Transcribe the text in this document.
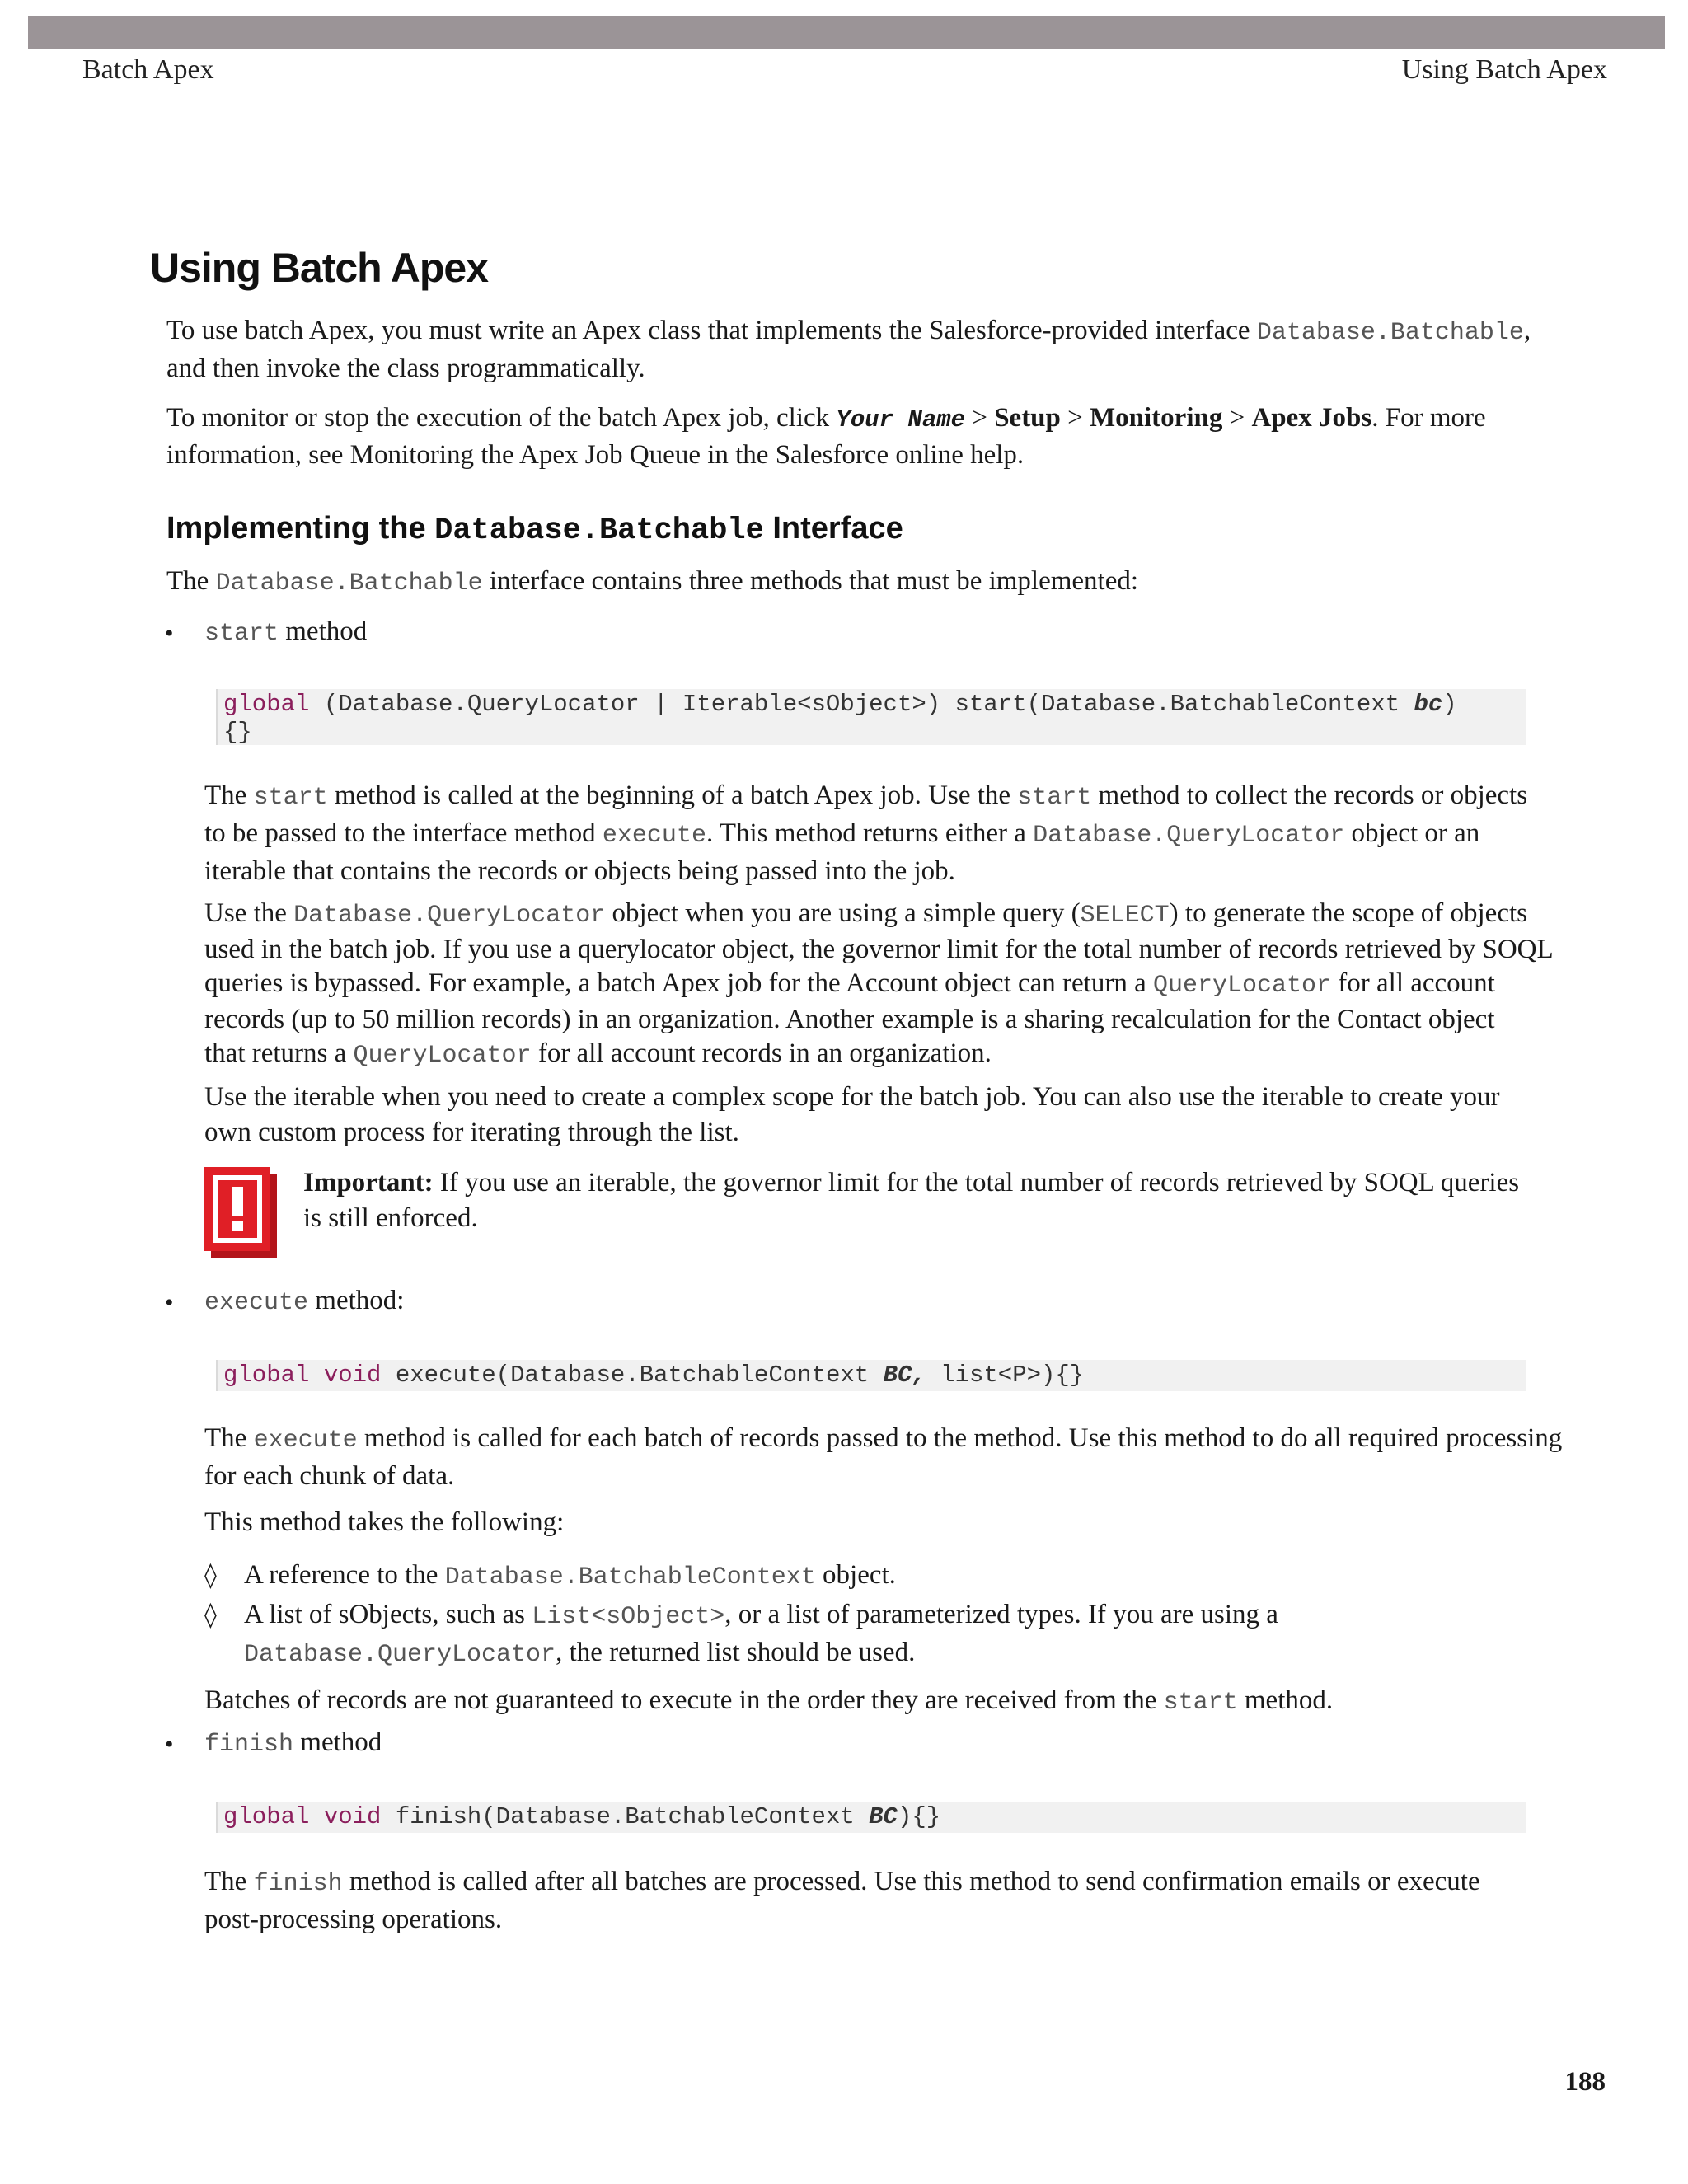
Batch Apex	Using Batch Apex
Using Batch Apex

To use batch Apex, you must write an Apex class that implements the Salesforce-provided interface Database.Batchable,
and then invoke the class programmatically.

To monitor or stop the execution of the batch Apex job, click Your Name > Setup > Monitoring > Apex Jobs. For more
information, see Monitoring the Apex Job Queue in the Salesforce online help.

Implementing the Database.Batchable Interface

The Database.Batchable interface contains three methods that must be implemented:

• start method
global (Database.QueryLocator | Iterable<sObject>) start(Database.BatchableContext bc)
{}

The start method is called at the beginning of a batch Apex job. Use the start method to collect the records or objects
to be passed to the interface method execute. This method returns either a Database.QueryLocator object or an
iterable that contains the records or objects being passed into the job.

Use the Database.QueryLocator object when you are using a simple query (SELECT) to generate the scope of objects
used in the batch job. If you use a querylocator object, the governor limit for the total number of records retrieved by SOQL
queries is bypassed. For example, a batch Apex job for the Account object can return a QueryLocator for all account
records (up to 50 million records) in an organization. Another example is a sharing recalculation for the Contact object
that returns a QueryLocator for all account records in an organization.

Use the iterable when you need to create a complex scope for the batch job. You can also use the iterable to create your
own custom process for iterating through the list.

Important: If you use an iterable, the governor limit for the total number of records retrieved by SOQL queries
is still enforced.

• execute method:
global void execute(Database.BatchableContext BC, list<P>){}

The execute method is called for each batch of records passed to the method. Use this method to do all required processing
for each chunk of data.

This method takes the following:

◊ A reference to the Database.BatchableContext object.

◊ A list of sObjects, such as List<sObject>, or a list of parameterized types. If you are using a
Database.QueryLocator, the returned list should be used.

Batches of records are not guaranteed to execute in the order they are received from the start method.

• finish method
global void finish(Database.BatchableContext BC){}

The finish method is called after all batches are processed. Use this method to send confirmation emails or execute
post-processing operations.

188
